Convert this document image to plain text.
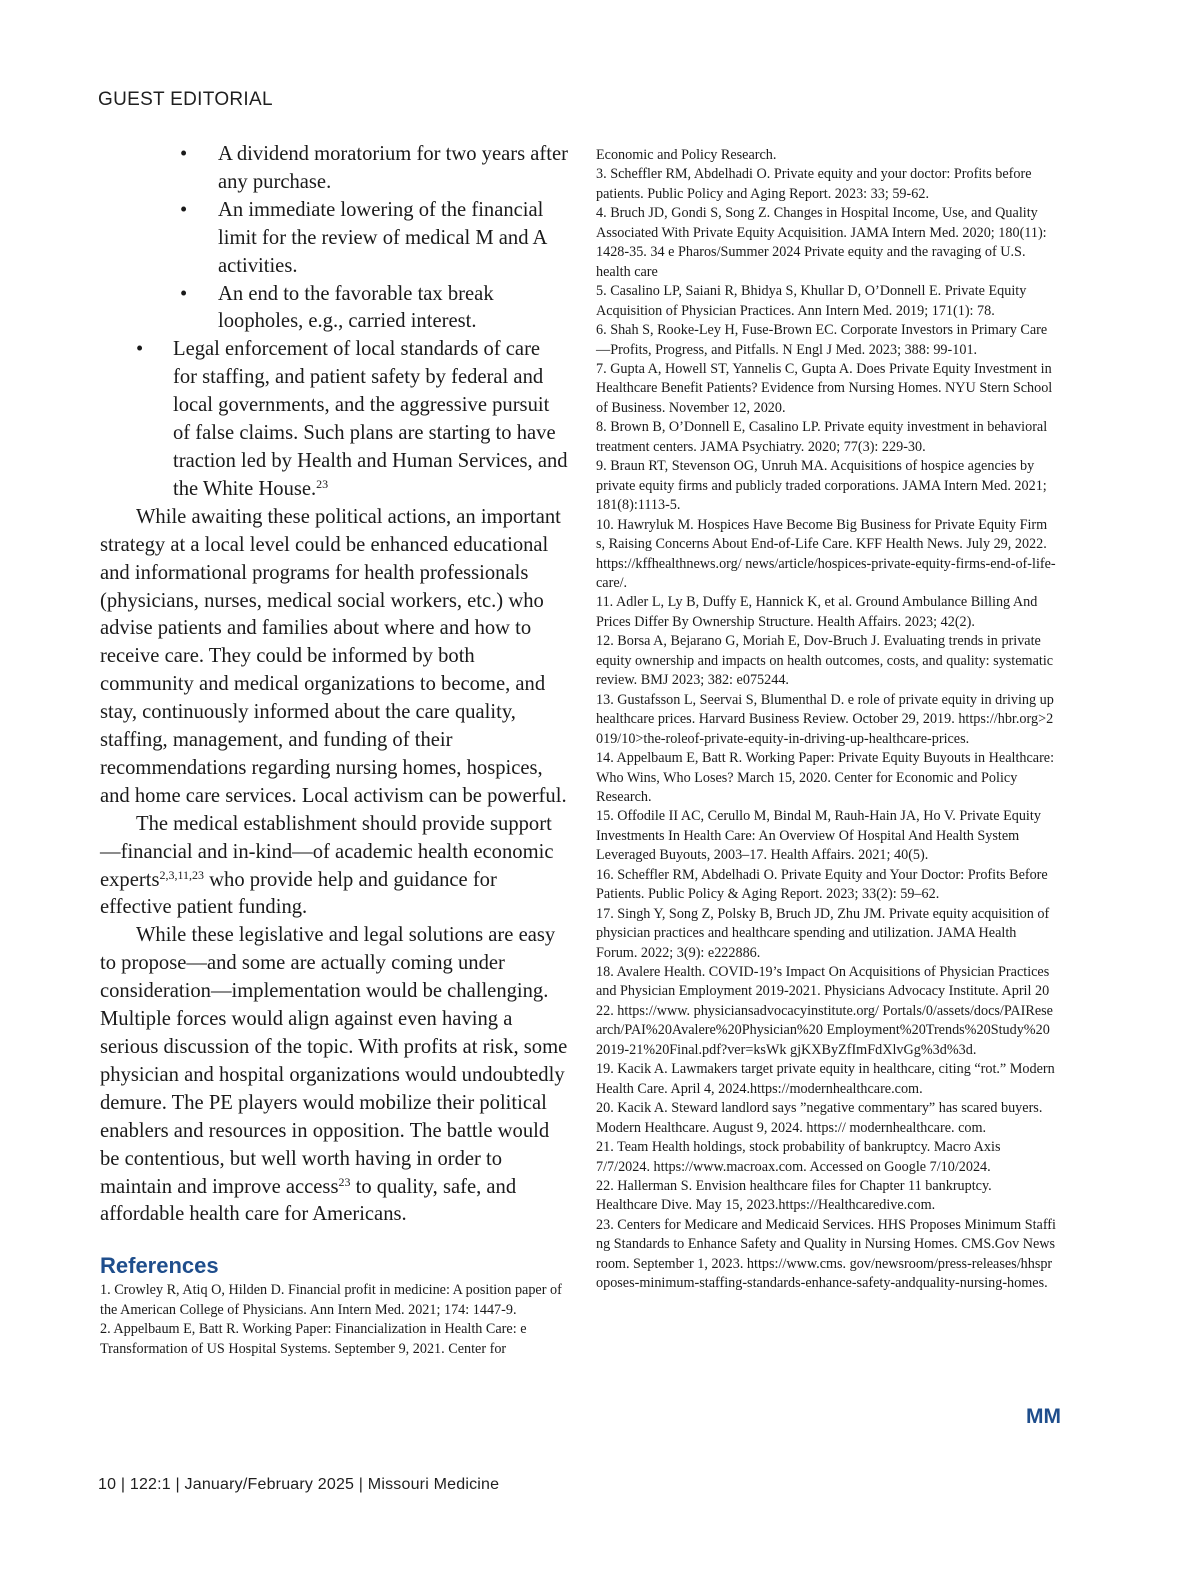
GUEST EDITORIAL
• A dividend moratorium for two years after any purchase.
• An immediate lowering of the financial limit for the review of medical M and A activities.
• An end to the favorable tax break loopholes, e.g., carried interest.
• Legal enforcement of local standards of care for staffing, and patient safety by federal and local governments, and the aggressive pursuit of false claims. Such plans are starting to have traction led by Health and Human Services, and the White House.$^{23}$

While awaiting these political actions, an important strategy at a local level could be enhanced educational and informational programs for health professionals (physicians, nurses, medical social workers, etc.) who advise patients and families about where and how to receive care. They could be informed by both community and medical organizations to become, and stay, continuously informed about the care quality, staffing, management, and funding of their recommendations regarding nursing homes, hospices, and home care services. Local activism can be powerful.

The medical establishment should provide support—financial and in-kind—of academic health economic experts$^{2,3,11,23}$ who provide help and guidance for effective patient funding.

While these legislative and legal solutions are easy to propose—and some are actually coming under consideration—implementation would be challenging. Multiple forces would align against even having a serious discussion of the topic. With profits at risk, some physician and hospital organizations would undoubtedly demure. The PE players would mobilize their political enablers and resources in opposition. The battle would be contentious, but well worth having in order to maintain and improve access$^{23}$ to quality, safe, and affordable health care for Americans.

References
1. Crowley R, Atiq O, Hilden D. Financial profit in medicine: A position paper of the American College of Physicians. Ann Intern Med. 2021; 174: 1447-9.
2. Appelbaum E, Batt R. Working Paper: Financialization in Health Care: e Transformation of US Hospital Systems. September 9, 2021. Center for
Economic and Policy Research.
3. Scheffler RM, Abdelhadi O. Private equity and your doctor: Profits before patients. Public Policy and Aging Report. 2023: 33; 59-62.
4. Bruch JD, Gondi S, Song Z. Changes in Hospital Income, Use, and Quality Associated With Private Equity Acquisition. JAMA Intern Med. 2020; 180(11): 1428-35. 34 e Pharos/Summer 2024 Private equity and the ravaging of U.S. health care
5. Casalino LP, Saiani R, Bhidya S, Khullar D, O’Donnell E. Private Equity Acquisition of Physician Practices. Ann Intern Med. 2019; 171(1): 78.
6. Shah S, Rooke-Ley H, Fuse-Brown EC. Corporate Investors in Primary Care—Profits, Progress, and Pitfalls. N Engl J Med. 2023; 388: 99-101.
7. Gupta A, Howell ST, Yannelis C, Gupta A. Does Private Equity Investment in Healthcare Benefit Patients? Evidence from Nursing Homes. NYU Stern School of Business. November 12, 2020.
8. Brown B, O’Donnell E, Casalino LP. Private equity investment in behavioral treatment centers. JAMA Psychiatry. 2020; 77(3): 229-30.
9. Braun RT, Stevenson OG, Unruh MA. Acquisitions of hospice agencies by private equity firms and publicly traded corporations. JAMA Intern Med. 2021; 181(8):1113-5.
10. Hawryluk M. Hospices Have Become Big Business for Private Equity Firms, Raising Concerns About End-of-Life Care. KFF Health News. July 29, 2022. https://kffhealthnews.org/ news/article/hospices-private-equity-firms-end-of-life-care/.
11. Adler L, Ly B, Duffy E, Hannick K, et al. Ground Ambulance Billing And Prices Differ By Ownership Structure. Health Affairs. 2023; 42(2).
12. Borsa A, Bejarano G, Moriah E, Dov-Bruch J. Evaluating trends in private equity ownership and impacts on health outcomes, costs, and quality: systematic review. BMJ 2023; 382: e075244.
13. Gustafsson L, Seervai S, Blumenthal D. e role of private equity in driving up healthcare prices. Harvard Business Review. October 29, 2019. https://hbr.org>2019/10>the-roleof-private-equity-in-driving-up-healthcare-prices.
14. Appelbaum E, Batt R. Working Paper: Private Equity Buyouts in Healthcare: Who Wins, Who Loses? March 15, 2020. Center for Economic and Policy Research.
15. Offodile II AC, Cerullo M, Bindal M, Rauh-Hain JA, Ho V. Private Equity Investments In Health Care: An Overview Of Hospital And Health System Leveraged Buyouts, 2003–17. Health Affairs. 2021; 40(5).
16. Scheffler RM, Abdelhadi O. Private Equity and Your Doctor: Profits Before Patients. Public Policy & Aging Report. 2023; 33(2): 59–62.
17. Singh Y, Song Z, Polsky B, Bruch JD, Zhu JM. Private equity acquisition of physician practices and healthcare spending and utilization. JAMA Health Forum. 2022; 3(9): e222886.
18. Avalere Health. COVID-19’s Impact On Acquisitions of Physician Practices and Physician Employment 2019-2021. Physicians Advocacy Institute. April 2022. https://www. physiciansadvocacyinstitute.org/ Portals/0/assets/docs/PAIResearch/PAI%20Avalere%20Physician%20 Employment%20Trends%20Study%202019-21%20Final.pdf?ver=ksWk gjKXByZfImFdXlvGg%3d%3d.
19. Kacik A. Lawmakers target private equity in healthcare, citing “rot.” Modern Health Care. April 4, 2024.https://modernhealthcare.com.
20. Kacik A. Steward landlord says ”negative commentary” has scared buyers. Modern Healthcare. August 9, 2024. https:// modernhealthcare. com.
21. Team Health holdings, stock probability of bankruptcy. Macro Axis 7/7/2024. https://www.macroax.com. Accessed on Google 7/10/2024.
22. Hallerman S. Envision healthcare files for Chapter 11 bankruptcy. Healthcare Dive. May 15, 2023.https://Healthcaredive.com.
23. Centers for Medicare and Medicaid Services. HHS Proposes Minimum Staffing Standards to Enhance Safety and Quality in Nursing Homes. CMS.Gov Newsroom. September 1, 2023. https://www.cms. gov/newsroom/press-releases/hhsproposes-minimum-staffing-standards-enhance-safety-andquality-nursing-homes.
MM
10 | 122:1 | January/February 2025 | Missouri Medicine
